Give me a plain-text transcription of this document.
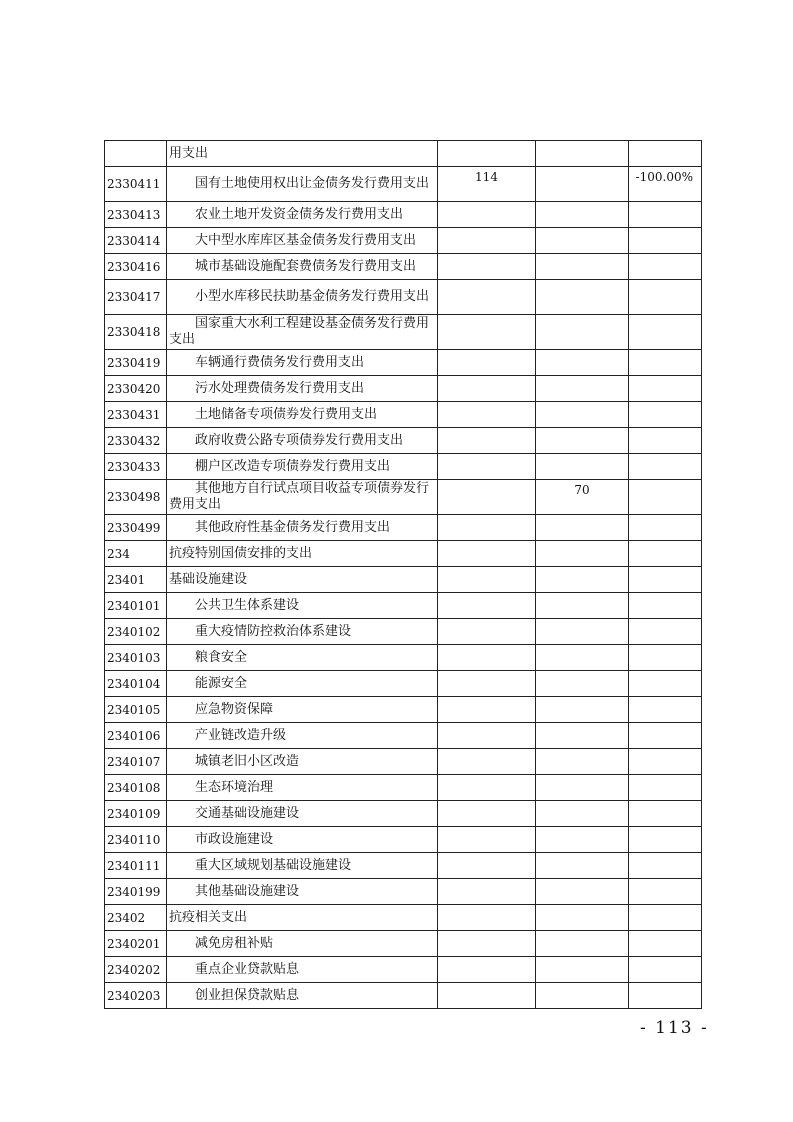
	用支出			
2330411	国有土地使用权出让金债务发行费用支出	114		-100.00%
2330413	农业土地开发资金债务发行费用支出			

2330414	大中型水库库区基金债务发行费用支出			

2330416	城市基础设施配套费债务发行费用支出			

2330417	小型水库移民扶助基金债务发行费用支出			

2330418	国家重大水利工程建设基金债务发行费用支出			

2330419	车辆通行费债务发行费用支出			

2330420	污水处理费债务发行费用支出			

2330431	土地储备专项债券发行费用支出			

2330432	政府收费公路专项债券发行费用支出			

2330433	棚户区改造专项债券发行费用支出			

2330498	其他地方自行试点项目收益专项债券发行费用支出		70	
2330499	其他政府性基金债务发行费用支出			

234	抗疫特别国债安排的支出			
23401	基础设施建设			
2340101	公共卫生体系建设			

2340102	重大疫情防控救治体系建设			

2340103	粮食安全			

2340104	能源安全			

2340105	应急物资保障			

2340106	产业链改造升级			

2340107	城镇老旧小区改造			

2340108	生态环境治理			

2340109	交通基础设施建设			

2340110	市政设施建设			

2340111	重大区域规划基础设施建设			

2340199	其他基础设施建设			

23402	抗疫相关支出			
2340201	减免房租补贴			

2340202	重点企业贷款贴息			

2340203	创业担保贷款贴息			

- 113 -
